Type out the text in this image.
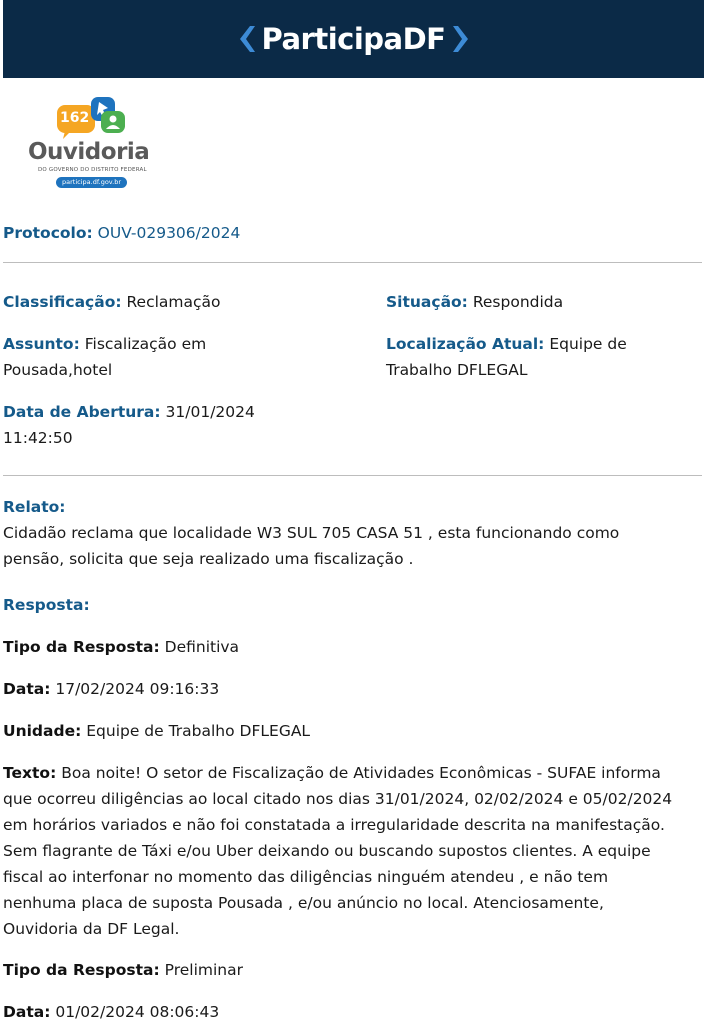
ParticipaDF
162
Ouvidoria
DO GOVERNO DO DISTRITO FEDERAL
participa.df.gov.br
Protocolo: OUV-029306/2024
Classificação: Reclamação	Situação: Respondida
Assunto: Fiscalização em
Pousada,hotel
Localização Atual: Equipe de
Trabalho DFLEGAL
Data de Abertura: 31/01/2024
11:42:50
Relato:
Cidadão reclama que localidade W3 SUL 705 CASA 51 , esta funcionando como
pensão, solicita que seja realizado uma fiscalização .
Resposta:
Tipo da Resposta: Definitiva
Data: 17/02/2024 09:16:33
Unidade: Equipe de Trabalho DFLEGAL
Texto: Boa noite! O setor de Fiscalização de Atividades Econômicas - SUFAE informa
que ocorreu diligências ao local citado nos dias 31/01/2024, 02/02/2024 e 05/02/2024
em horários variados e não foi constatada a irregularidade descrita na manifestação.
Sem flagrante de Táxi e/ou Uber deixando ou buscando supostos clientes. A equipe
fiscal ao interfonar no momento das diligências ninguém atendeu , e não tem
nenhuma placa de suposta Pousada , e/ou anúncio no local. Atenciosamente,
Ouvidoria da DF Legal.
Tipo da Resposta: Preliminar
Data: 01/02/2024 08:06:43
